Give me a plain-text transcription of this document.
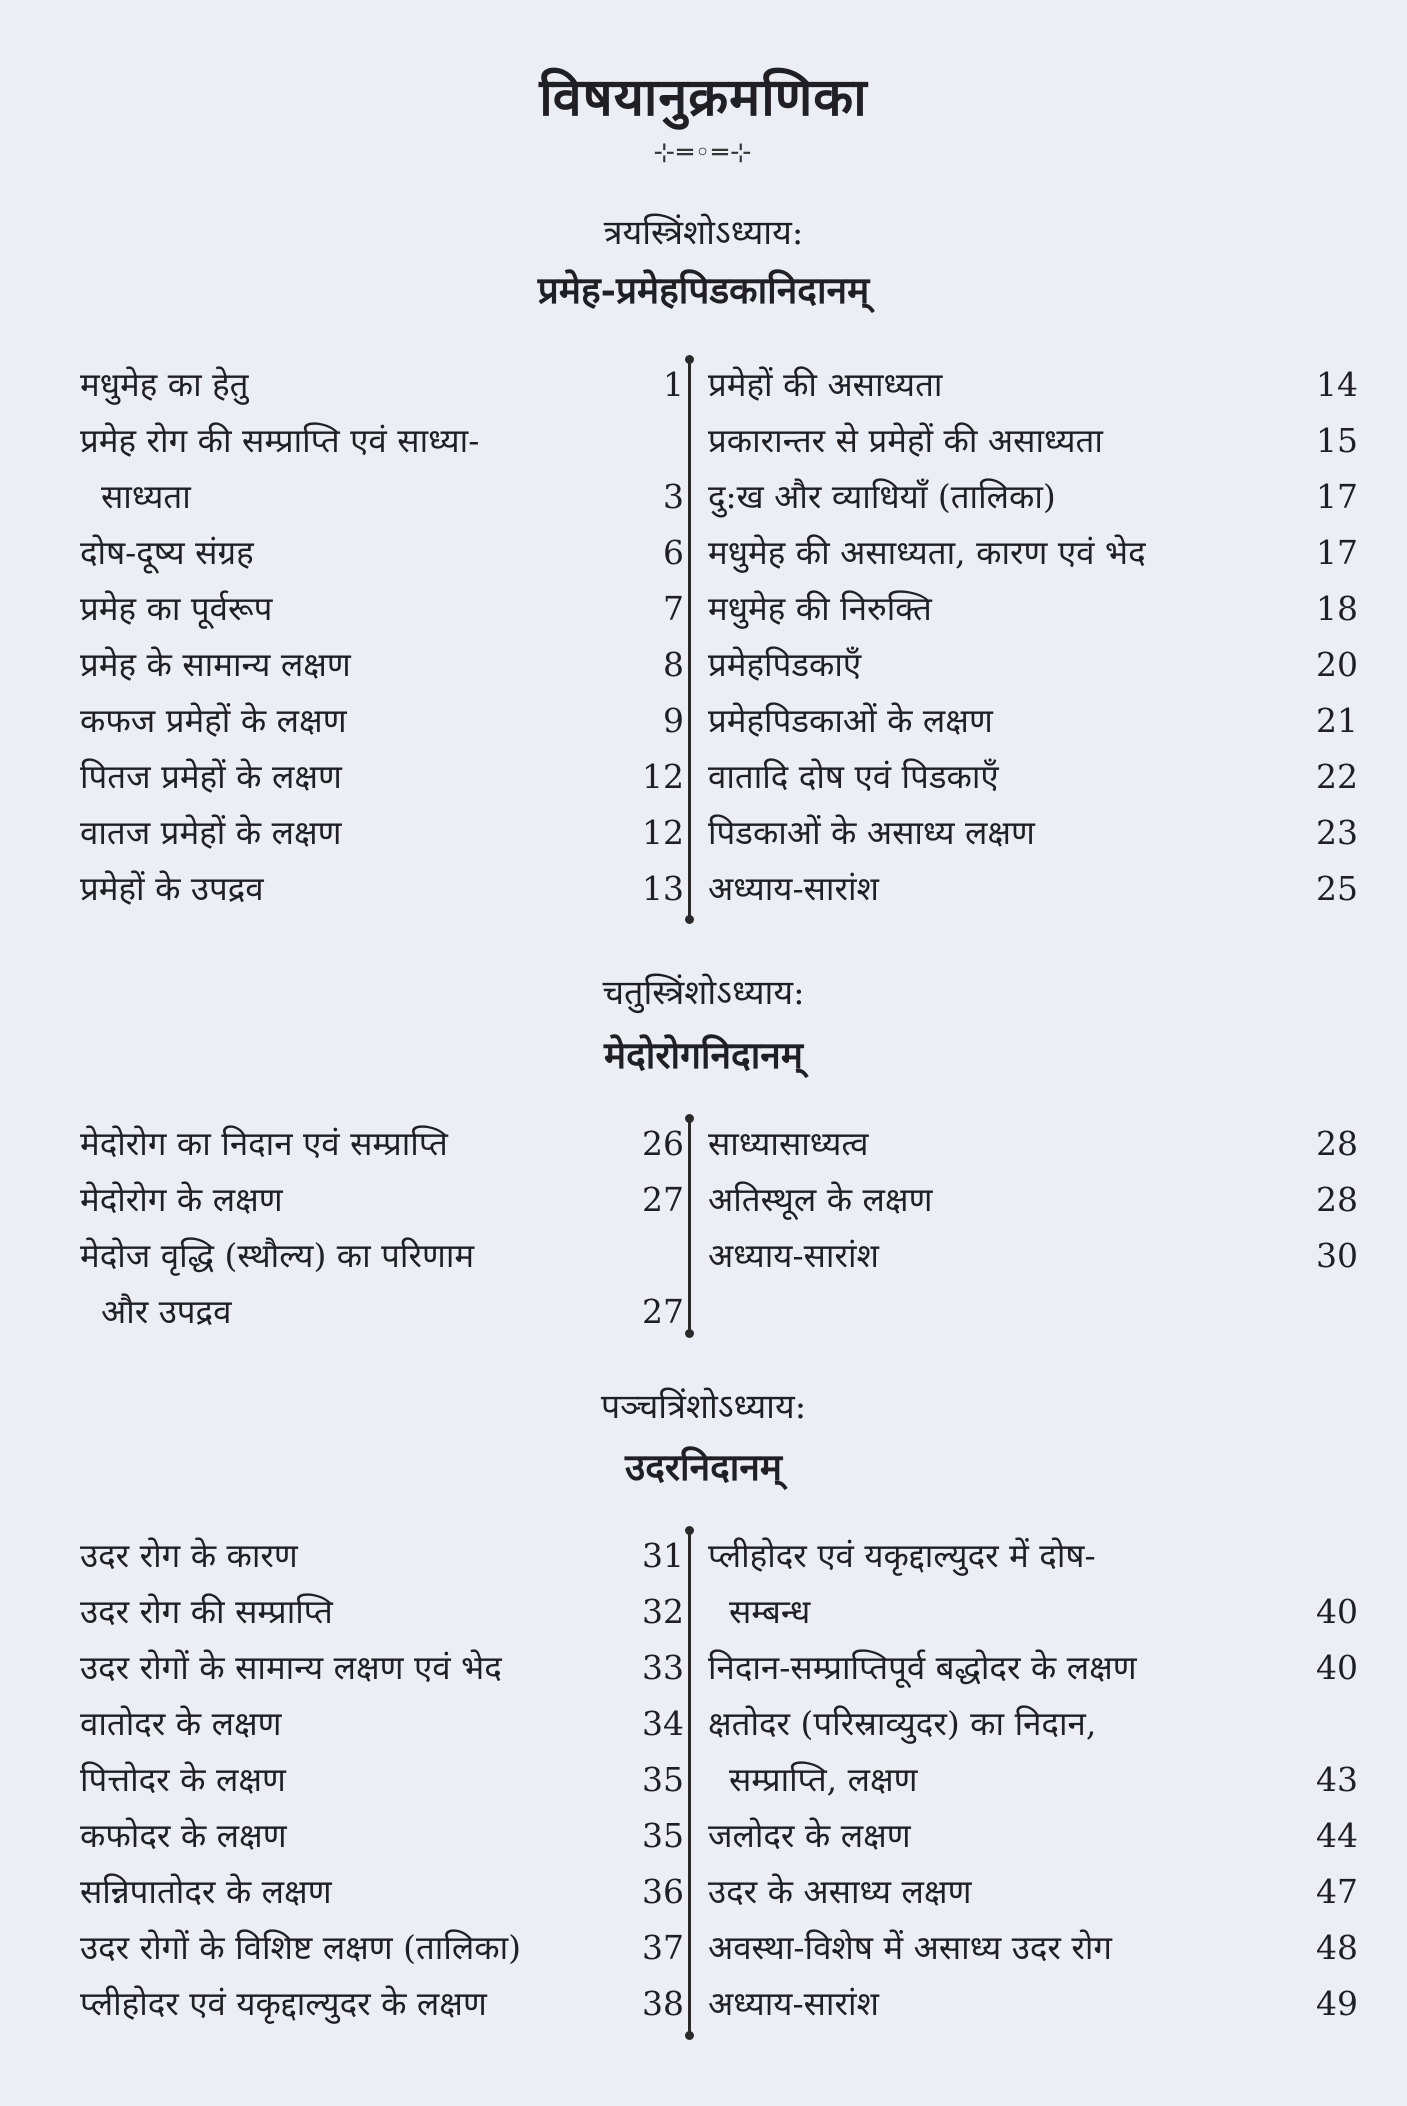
विषयानुक्रमणिका
⊹═◦═⊹
त्रयस्त्रिंशोऽध्याय:
प्रमेह-प्रमेहपिडकानिदानम्
मधुमेह का हेतु	1
प्रमेह रोग की सम्प्राप्ति एवं साध्या-
साध्यता	3
दोष-दूष्य संग्रह	6
प्रमेह का पूर्वरूप	7
प्रमेह के सामान्य लक्षण	8
कफज प्रमेहों के लक्षण	9
पितज प्रमेहों के लक्षण	12
वातज प्रमेहों के लक्षण	12
प्रमेहों के उपद्रव	13
प्रमेहों की असाध्यता	14
प्रकारान्तर से प्रमेहों की असाध्यता	15
दु:ख और व्याधियाँ (तालिका)	17
मधुमेह की असाध्यता, कारण एवं भेद	17
मधुमेह की निरुक्ति	18
प्रमेहपिडकाएँ	20
प्रमेहपिडकाओं के लक्षण	21
वातादि दोष एवं पिडकाएँ	22
पिडकाओं के असाध्य लक्षण	23
अध्याय-सारांश	25
चतुस्त्रिंशोऽध्याय:
मेदोरोगनिदानम्
मेदोरोग का निदान एवं सम्प्राप्ति	26
मेदोरोग के लक्षण	27
मेदोज वृद्धि (स्थौल्य) का परिणाम
और उपद्रव	27
साध्यासाध्यत्व	28
अतिस्थूल के लक्षण	28
अध्याय-सारांश	30
पञ्चत्रिंशोऽध्याय:
उदरनिदानम्
उदर रोग के कारण	31
उदर रोग की सम्प्राप्ति	32
उदर रोगों के सामान्य लक्षण एवं भेद	33
वातोदर के लक्षण	34
पित्तोदर के लक्षण	35
कफोदर के लक्षण	35
सन्निपातोदर के लक्षण	36
उदर रोगों के विशिष्ट लक्षण (तालिका)	37
प्लीहोदर एवं यकृद्दाल्युदर के लक्षण	38
प्लीहोदर एवं यकृद्दाल्युदर में दोष-
सम्बन्ध	40
निदान-सम्प्राप्तिपूर्व बद्धोदर के लक्षण	40
क्षतोदर (परिस्राव्युदर) का निदान,
सम्प्राप्ति, लक्षण	43
जलोदर के लक्षण	44
उदर के असाध्य लक्षण	47
अवस्था-विशेष में असाध्य उदर रोग	48
अध्याय-सारांश	49
